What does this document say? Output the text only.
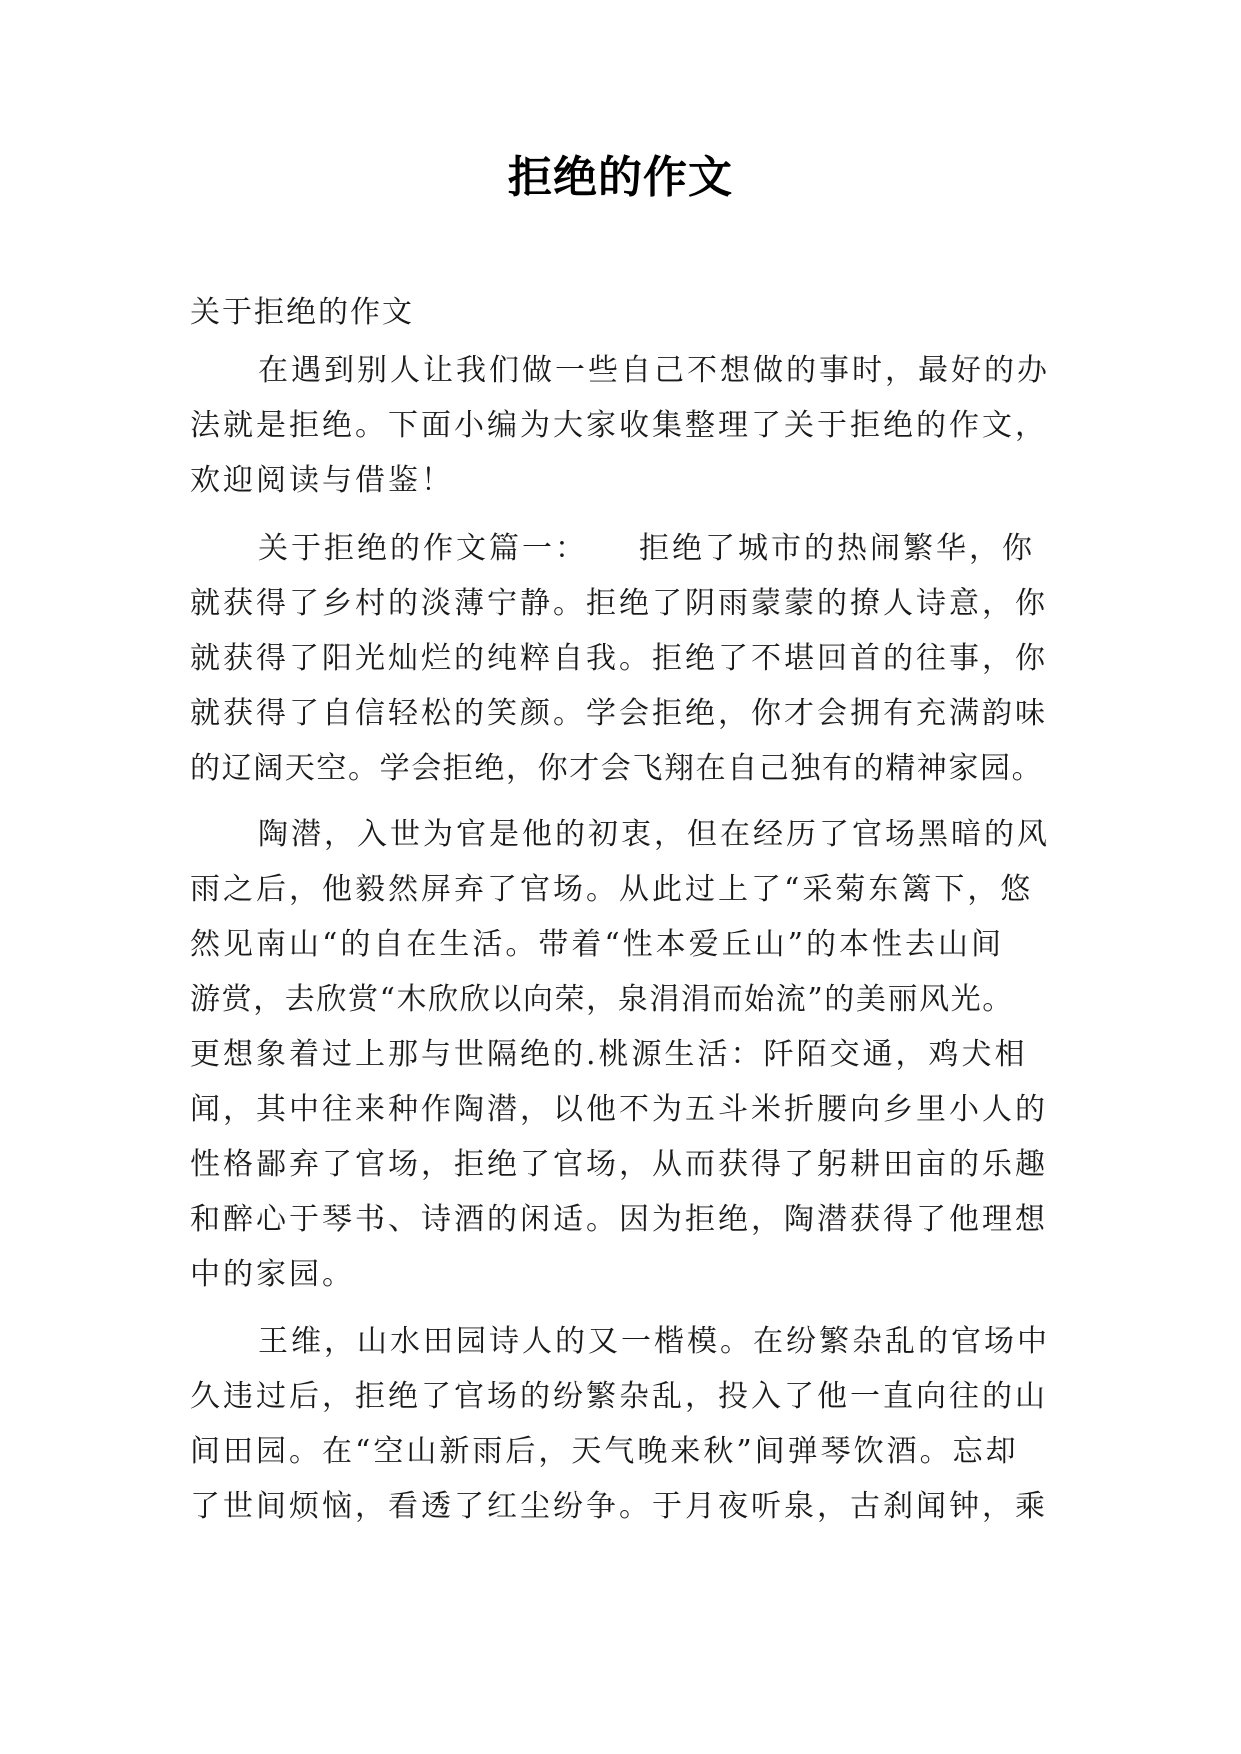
拒绝的作文
关于拒绝的作文
在遇到别人让我们做一些自己不想做的事时，最好的办
法就是拒绝。下面小编为大家收集整理了关于拒绝的作文，
欢迎阅读与借鉴！
关于拒绝的作文篇一：　　拒绝了城市的热闹繁华，你
就获得了乡村的淡薄宁静。拒绝了阴雨蒙蒙的撩人诗意，你
就获得了阳光灿烂的纯粹自我。拒绝了不堪回首的往事，你
就获得了自信轻松的笑颜。学会拒绝，你才会拥有充满韵味
的辽阔天空。学会拒绝，你才会飞翔在自己独有的精神家园。
陶潜，入世为官是他的初衷，但在经历了官场黑暗的风
雨之后，他毅然屏弃了官场。从此过上了“采菊东篱下，悠
然见南山“的自在生活。带着“性本爱丘山”的本性去山间
游赏，去欣赏“木欣欣以向荣，泉涓涓而始流”的美丽风光。
更想象着过上那与世隔绝的.桃源生活：阡陌交通，鸡犬相
闻，其中往来种作陶潜，以他不为五斗米折腰向乡里小人的
性格鄙弃了官场，拒绝了官场，从而获得了躬耕田亩的乐趣
和醉心于琴书、诗酒的闲适。因为拒绝，陶潜获得了他理想
中的家园。
王维，山水田园诗人的又一楷模。在纷繁杂乱的官场中
久违过后，拒绝了官场的纷繁杂乱，投入了他一直向往的山
间田园。在“空山新雨后，天气晚来秋”间弹琴饮酒。忘却
了世间烦恼，看透了红尘纷争。于月夜听泉，古刹闻钟，乘
